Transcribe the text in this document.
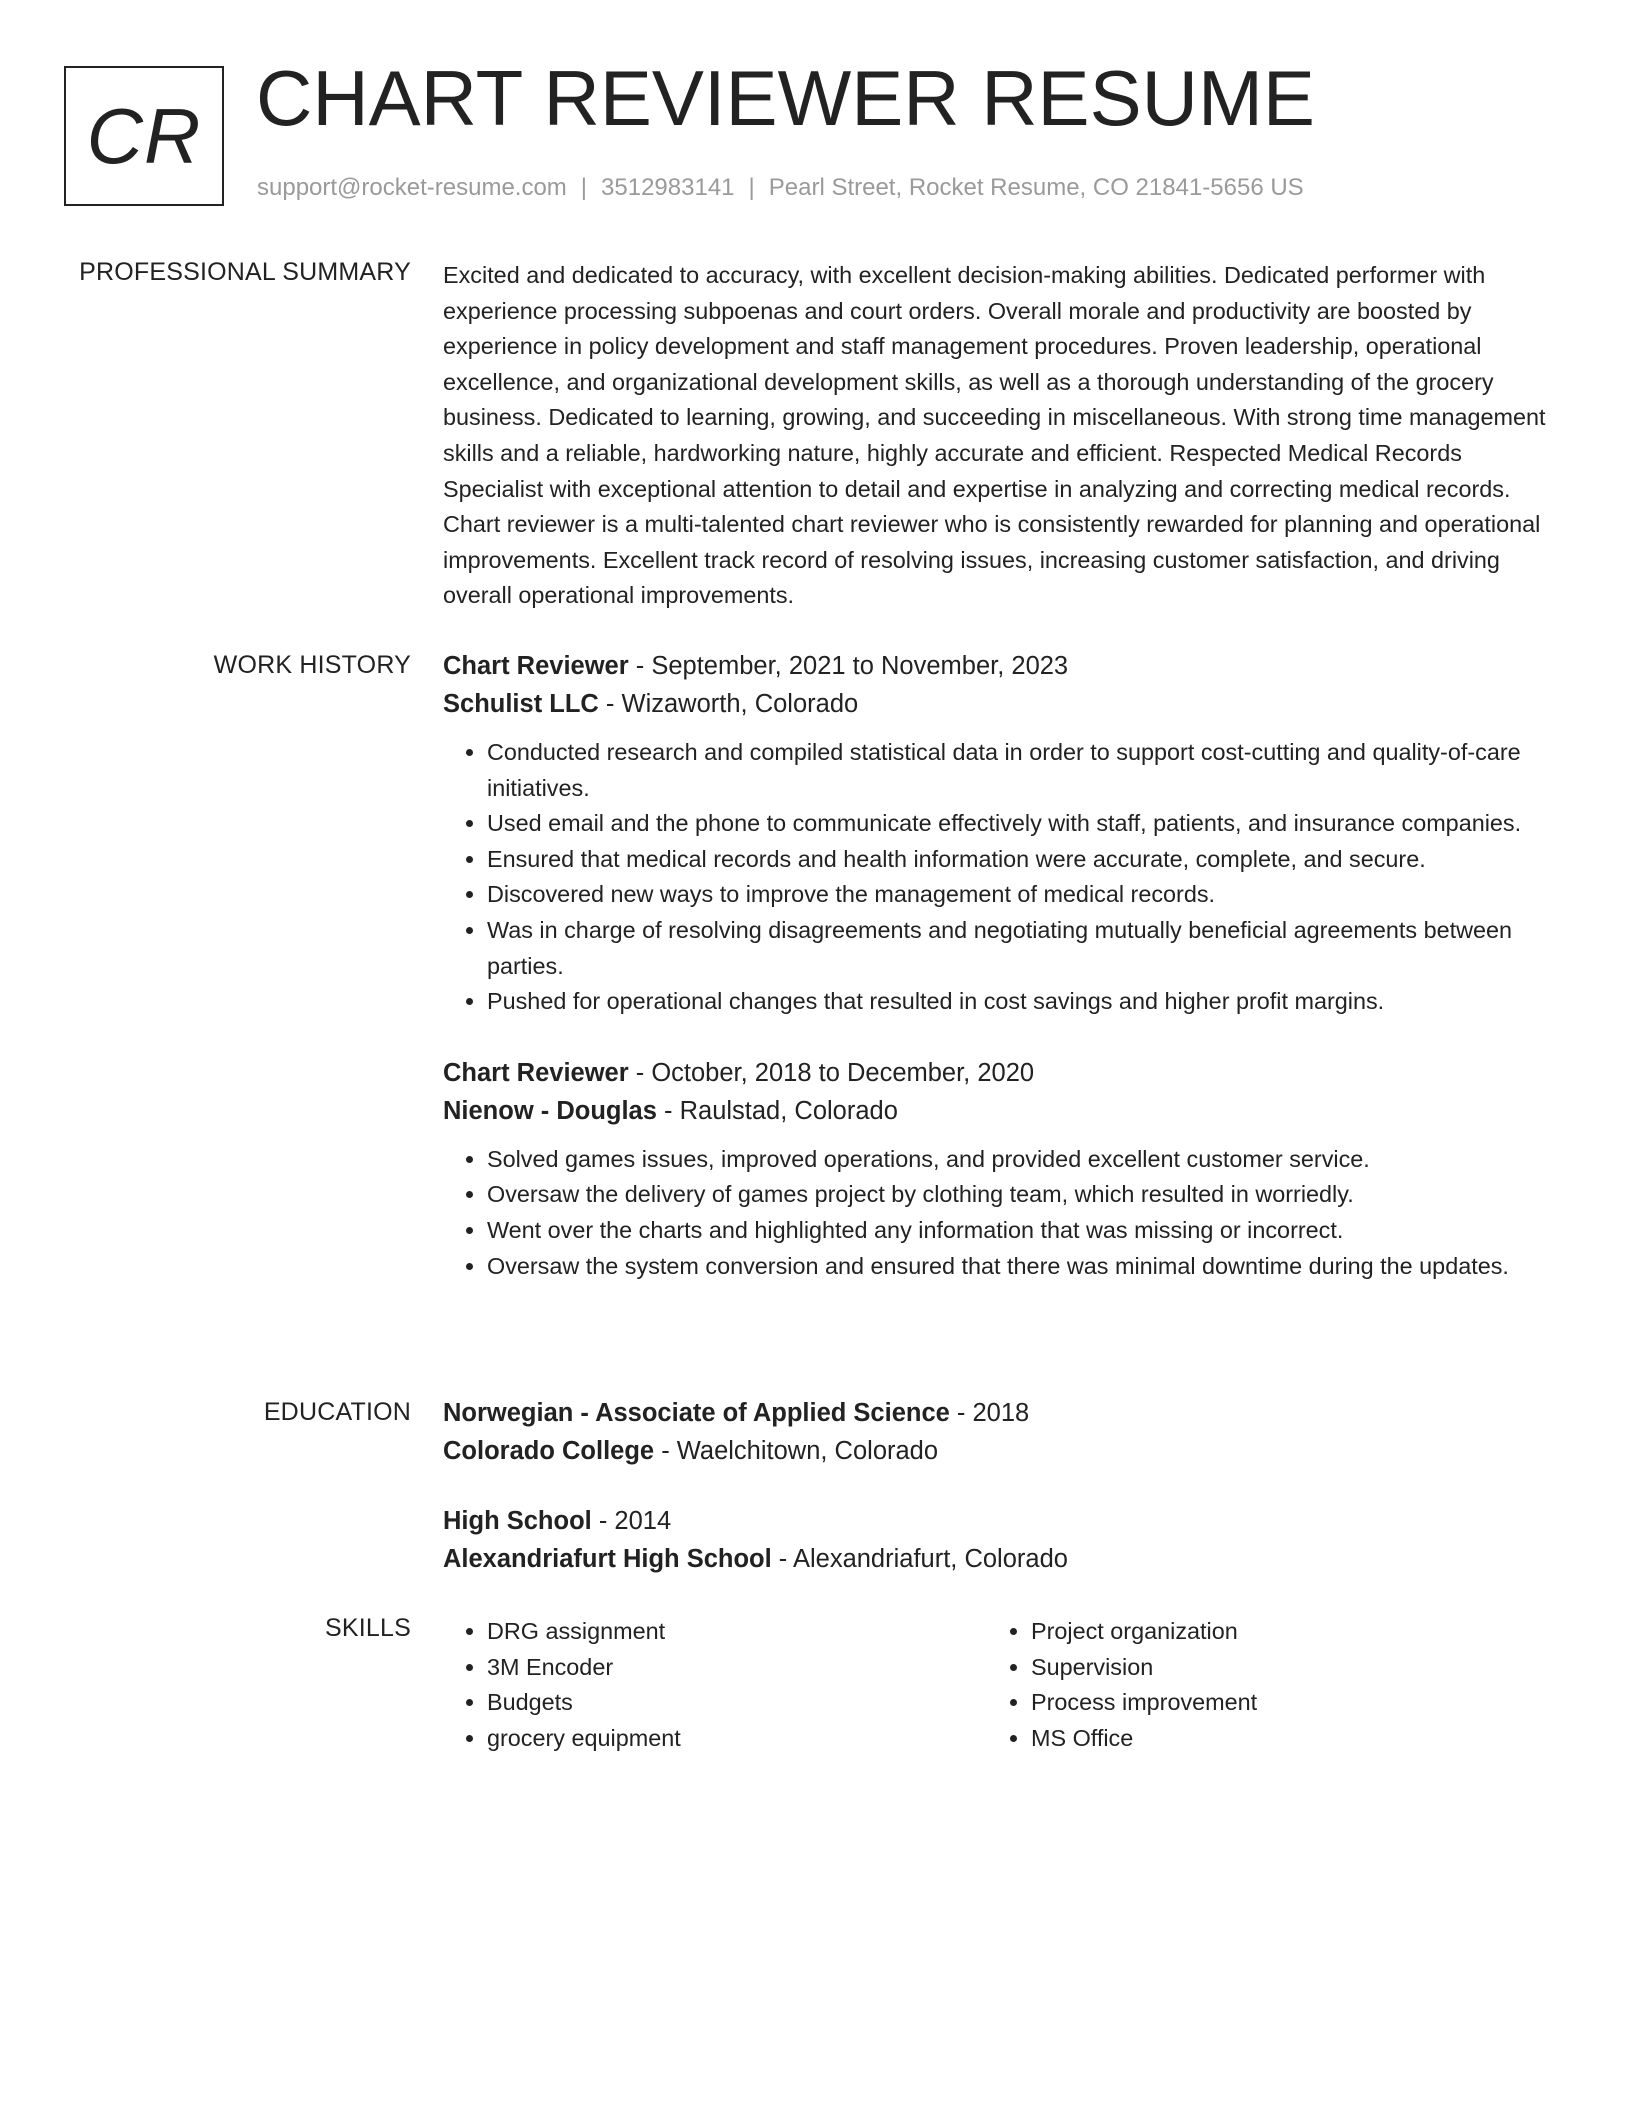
CR CHART REVIEWER RESUME
support@rocket-resume.com | 3512983141 | Pearl Street, Rocket Resume, CO 21841-5656 US
PROFESSIONAL SUMMARY Excited and dedicated to accuracy, with excellent decision-making abilities. Dedicated performer with experience processing subpoenas and court orders. Overall morale and productivity are boosted by experience in policy development and staff management procedures. Proven leadership, operational excellence, and organizational development skills, as well as a thorough understanding of the grocery business. Dedicated to learning, growing, and succeeding in miscellaneous. With strong time management skills and a reliable, hardworking nature, highly accurate and efficient. Respected Medical Records Specialist with exceptional attention to detail and expertise in analyzing and correcting medical records. Chart reviewer is a multi-talented chart reviewer who is consistently rewarded for planning and operational improvements. Excellent track record of resolving issues, increasing customer satisfaction, and driving overall operational improvements.

WORK HISTORY Chart Reviewer - September, 2021 to November, 2023
Schulist LLC - Wizaworth, Colorado
• Conducted research and compiled statistical data in order to support cost-cutting and quality-of-care initiatives.
• Used email and the phone to communicate effectively with staff, patients, and insurance companies.
• Ensured that medical records and health information were accurate, complete, and secure.
• Discovered new ways to improve the management of medical records.
• Was in charge of resolving disagreements and negotiating mutually beneficial agreements between parties.
• Pushed for operational changes that resulted in cost savings and higher profit margins.
Chart Reviewer - October, 2018 to December, 2020
Nienow - Douglas - Raulstad, Colorado
• Solved games issues, improved operations, and provided excellent customer service.
• Oversaw the delivery of games project by clothing team, which resulted in worriedly.
• Went over the charts and highlighted any information that was missing or incorrect.
• Oversaw the system conversion and ensured that there was minimal downtime during the updates.
EDUCATION Norwegian - Associate of Applied Science - 2018
Colorado College - Waelchitown, Colorado
High School - 2014
Alexandriafurt High School - Alexandriafurt, Colorado
SKILLS
•	DRG assignment
• 3M Encoder
• Budgets
• grocery equipment
• Project organization
• Supervision
• Process improvement
• MS Office
